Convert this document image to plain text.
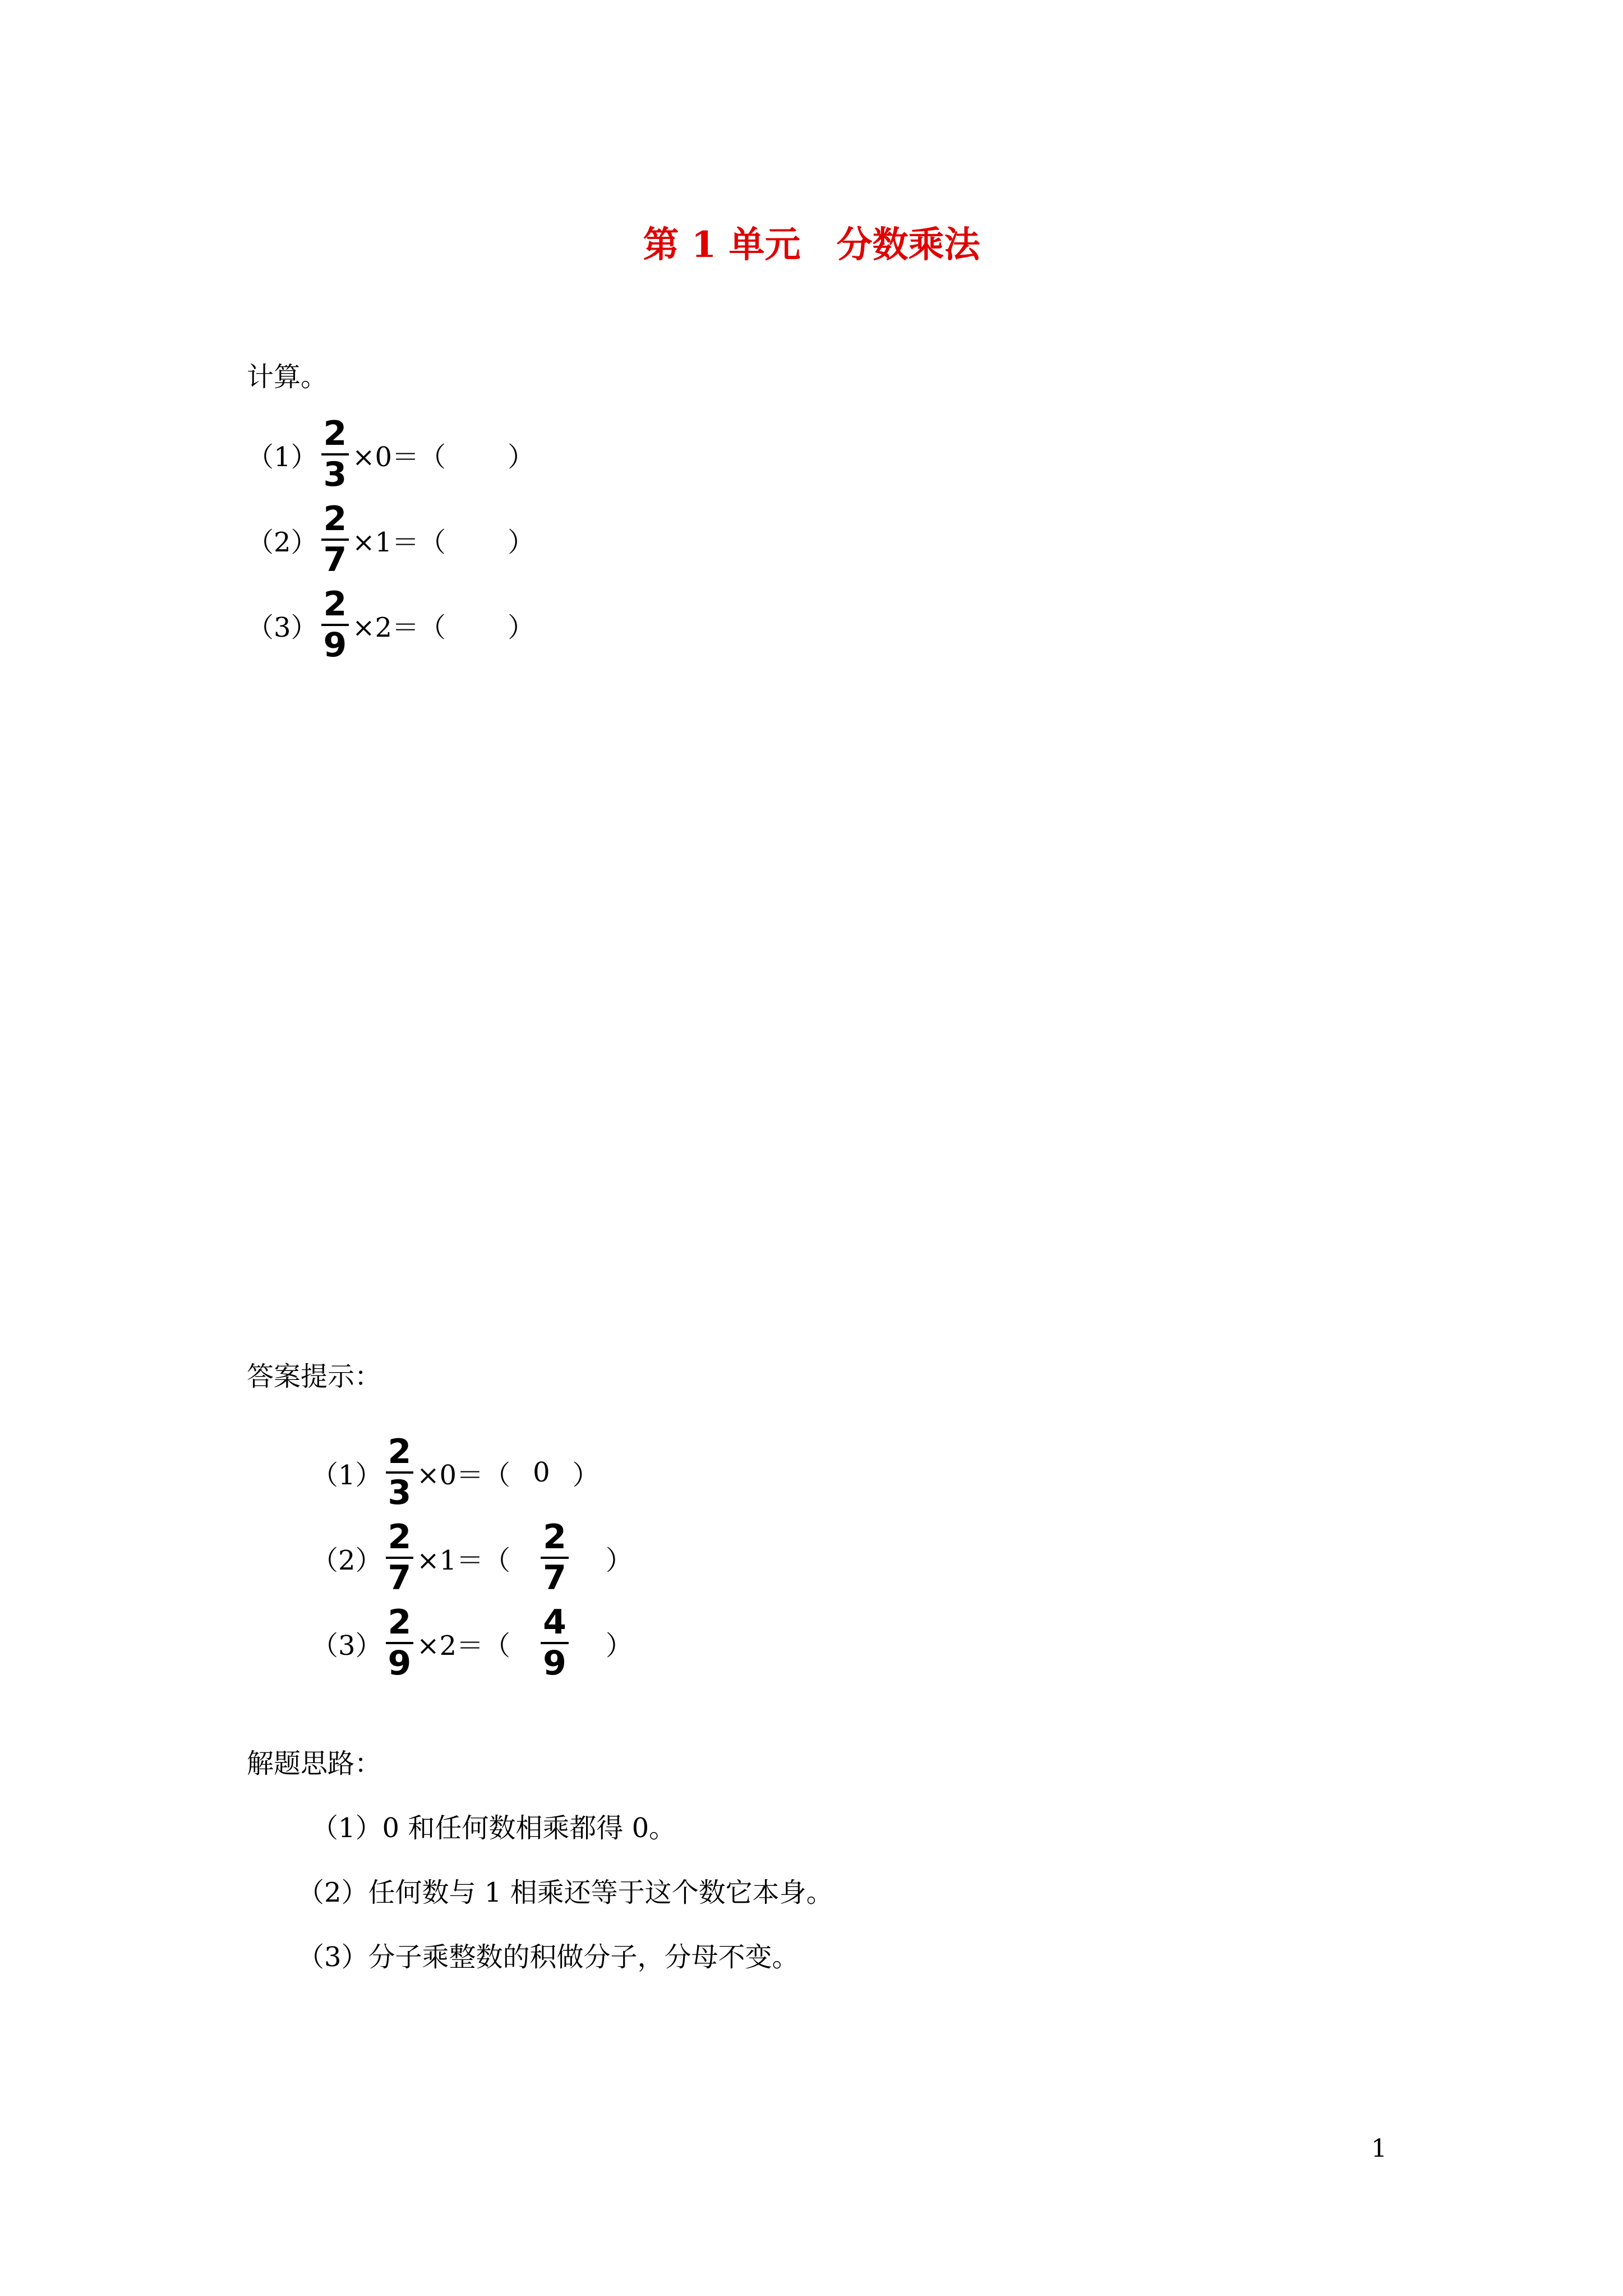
第 1 单元　分数乘法
计算。
$(1) \frac{2}{3} \times 0=$（ ）
$(2) \frac{2}{7} \times 1=$（ ）
$(3) \frac{2}{9} \times 2=$（ ）
答案提示：
$(1) \frac{2}{3} \times 0=$（ 0 ）
$(2) \frac{2}{7} \times 1=( \frac{2}{7}$ ）
$(3) \frac{2}{9} \times 2=( \frac{4}{9}$ ）
解题思路：
（1）0 和任何数相乘都得 0。
（2）任何数与 1 相乘还等于这个数它本身。
（3）分子乘整数的积做分子，分母不变。
1
